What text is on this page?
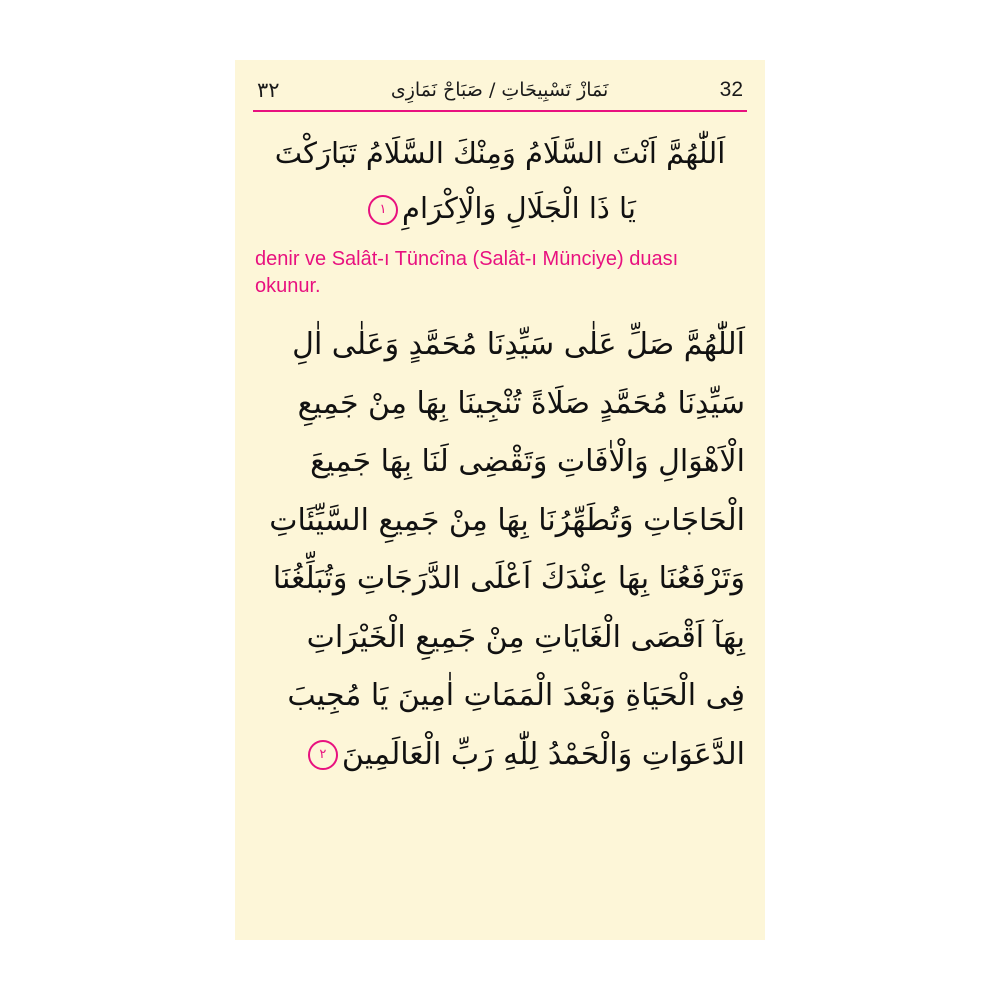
٣٢	نَمَازْ تَسْبِيحَاتِ / صَبَاحْ نَمَازِى	32
اَللّٰهُمَّ اَنْتَ السَّلَامُ وَمِنْكَ السَّلَامُ تَبَارَكْتَ
يَا ذَا الْجَلَالِ وَالْاِكْرَامِ١
denir ve Salât-ı Tüncîna (Salât-ı Münciye) duası okunur.
اَللّٰهُمَّ صَلِّ عَلٰى سَيِّدِنَا مُحَمَّدٍ وَعَلٰى اٰلِ
سَيِّدِنَا مُحَمَّدٍ صَلَاةً تُنْجِينَا بِهَا مِنْ جَمِيعِ
الْاَهْوَالِ وَالْاٰفَاتِ وَتَقْضِى لَنَا بِهَا جَمِيعَ
الْحَاجَاتِ وَتُطَهِّرُنَا بِهَا مِنْ جَمِيعِ السَّيِّئَاتِ
وَتَرْفَعُنَا بِهَا عِنْدَكَ اَعْلَى الدَّرَجَاتِ وَتُبَلِّغُنَا
بِهَآ اَقْصَى الْغَايَاتِ مِنْ جَمِيعِ الْخَيْرَاتِ
فِى الْحَيَاةِ وَبَعْدَ الْمَمَاتِ اٰمِينَ يَا مُجِيبَ
الدَّعَوَاتِ وَالْحَمْدُ لِلّٰهِ رَبِّ الْعَالَمِينَ٢
